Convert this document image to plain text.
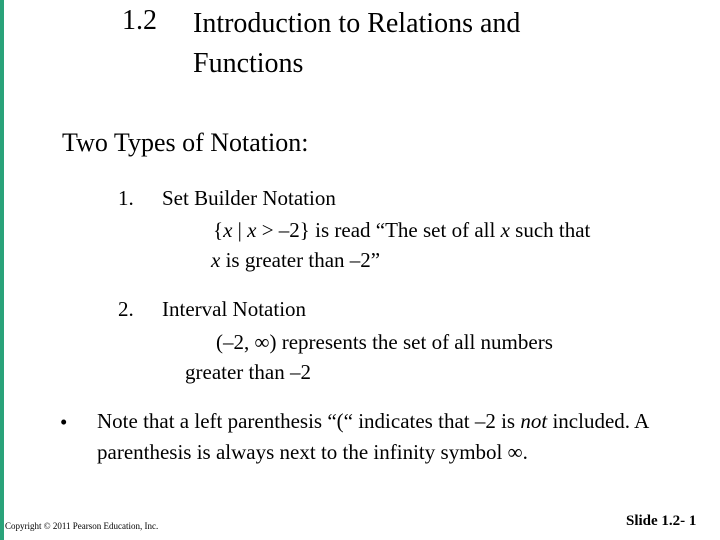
1.2 Introduction to Relations and
Functions
Two Types of Notation:
1. Set Builder Notation
{x | x > –2} is read “The set of all x such that
x is greater than –2”
2. Interval Notation
(–2, ∞) represents the set of all numbers
greater than –2
• Note that a left parenthesis “(“ indicates that –2 is not included. A parenthesis is always next to the infinity symbol ∞.
Copyright © 2011 Pearson Education, Inc.	Slide 1.2- 1
